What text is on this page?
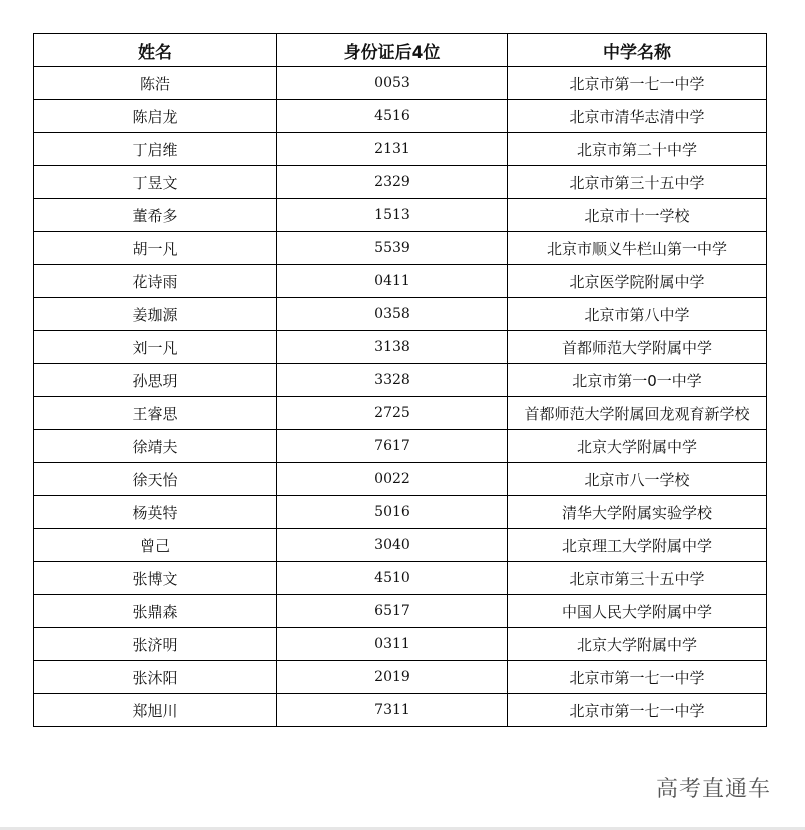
姓名	身份证后4位	中学名称
陈浩	0053	北京市第一七一中学
陈启龙	4516	北京市清华志清中学
丁启维	2131	北京市第二十中学
丁昱文	2329	北京市第三十五中学
董希多	1513	北京市十一学校
胡一凡	5539	北京市顺义牛栏山第一中学
花诗雨	0411	北京医学院附属中学
姜珈源	0358	北京市第八中学
刘一凡	3138	首都师范大学附属中学
孙思玥	3328	北京市第一0一中学
王睿思	2725	首都师范大学附属回龙观育新学校
徐靖夫	7617	北京大学附属中学
徐天怡	0022	北京市八一学校
杨英特	5016	清华大学附属实验学校
曾己	3040	北京理工大学附属中学
张博文	4510	北京市第三十五中学
张鼎森	6517	中国人民大学附属中学
张济明	0311	北京大学附属中学
张沐阳	2019	北京市第一七一中学
郑旭川	7311	北京市第一七一中学
高考直通车
